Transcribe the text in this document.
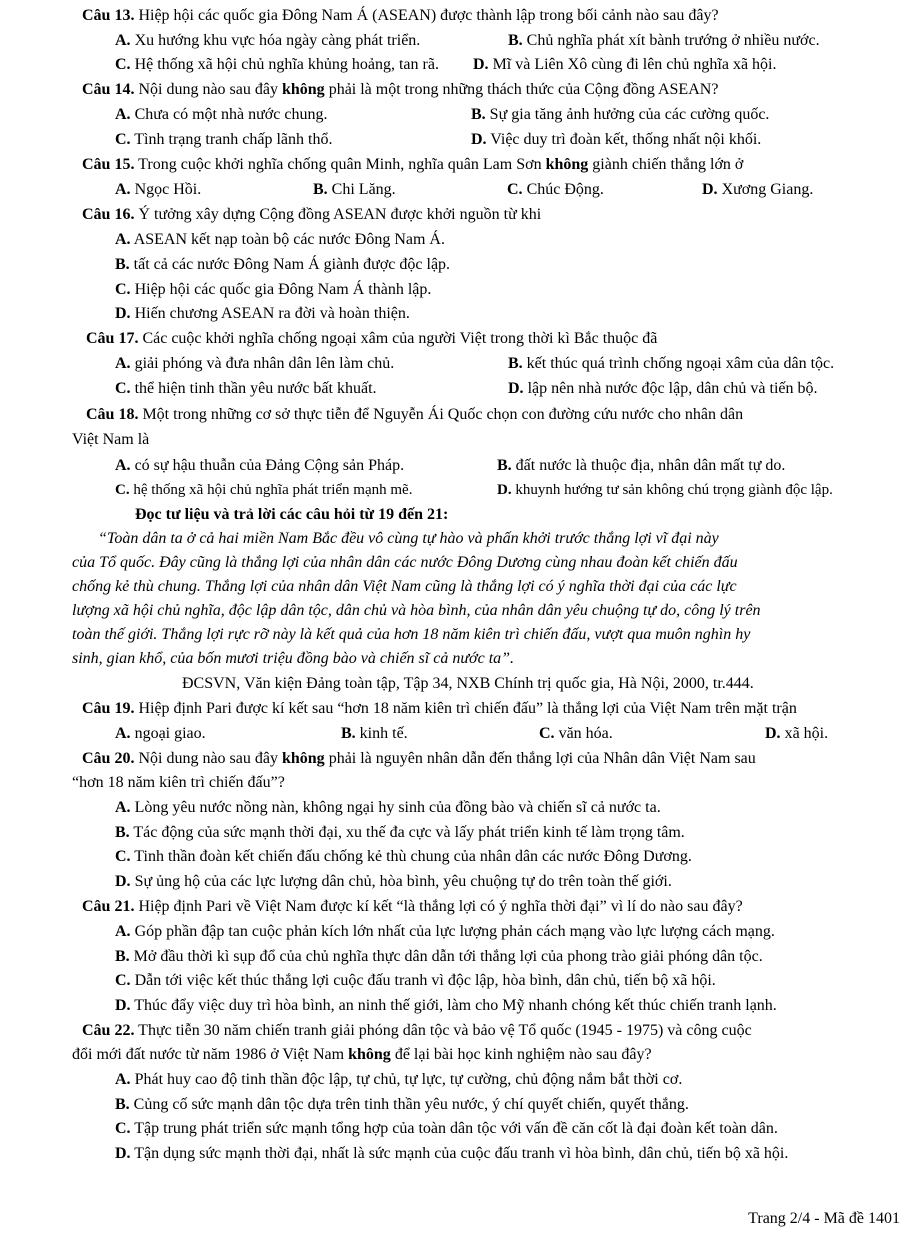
Câu 13. Hiệp hội các quốc gia Đông Nam Á (ASEAN) được thành lập trong bối cảnh nào sau đây?
A. Xu hướng khu vực hóa ngày càng phát triển.	B. Chủ nghĩa phát xít bành trướng ở nhiều nước.
C. Hệ thống xã hội chủ nghĩa khủng hoảng, tan rã. D. Mĩ và Liên Xô cùng đi lên chủ nghĩa xã hội.
Câu 14. Nội dung nào sau đây không phải là một trong những thách thức của Cộng đồng ASEAN?
A. Chưa có một nhà nước chung.	B. Sự gia tăng ảnh hưởng của các cường quốc.
C. Tình trạng tranh chấp lãnh thổ.	D. Việc duy trì đoàn kết, thống nhất nội khối.
Câu 15. Trong cuộc khởi nghĩa chống quân Minh, nghĩa quân Lam Sơn không giành chiến thắng lớn ở
A. Ngọc Hồi.	B. Chi Lăng.	C. Chúc Động.	D. Xương Giang.
Câu 16. Ý tưởng xây dựng Cộng đồng ASEAN được khởi nguồn từ khi
A. ASEAN kết nạp toàn bộ các nước Đông Nam Á.
B. tất cả các nước Đông Nam Á giành được độc lập.
C. Hiệp hội các quốc gia Đông Nam Á thành lập.
D. Hiến chương ASEAN ra đời và hoàn thiện.
Câu 17. Các cuộc khởi nghĩa chống ngoại xâm của người Việt trong thời kì Bắc thuộc đã
A. giải phóng và đưa nhân dân lên làm chủ.	B. kết thúc quá trình chống ngoại xâm của dân tộc.
C. thể hiện tinh thần yêu nước bất khuất.	D. lập nên nhà nước độc lập, dân chủ và tiến bộ.
Câu 18. Một trong những cơ sở thực tiễn để Nguyễn Ái Quốc chọn con đường cứu nước cho nhân dân
Việt Nam là
A. có sự hậu thuẫn của Đảng Cộng sản Pháp.	B. đất nước là thuộc địa, nhân dân mất tự do.
C. hệ thống xã hội chủ nghĩa phát triển mạnh mẽ.	D. khuynh hướng tư sản không chú trọng giành độc lập.
Đọc tư liệu và trả lời các câu hỏi từ 19 đến 21:
“Toàn dân ta ở cả hai miền Nam Bắc đều vô cùng tự hào và phấn khởi trước thắng lợi vĩ đại này
của Tổ quốc. Đây cũng là thắng lợi của nhân dân các nước Đông Dương cùng nhau đoàn kết chiến đấu
chống kẻ thù chung. Thắng lợi của nhân dân Việt Nam cũng là thắng lợi có ý nghĩa thời đại của các lực
lượng xã hội chủ nghĩa, độc lập dân tộc, dân chủ và hòa bình, của nhân dân yêu chuộng tự do, công lý trên
toàn thế giới. Thắng lợi rực rỡ này là kết quả của hơn 18 năm kiên trì chiến đấu, vượt qua muôn nghìn hy
sinh, gian khổ, của bốn mươi triệu đồng bào và chiến sĩ cả nước ta”.
ĐCSVN, Văn kiện Đảng toàn tập, Tập 34, NXB Chính trị quốc gia, Hà Nội, 2000, tr.444.
Câu 19. Hiệp định Pari được kí kết sau “hơn 18 năm kiên trì chiến đấu” là thắng lợi của Việt Nam trên mặt trận
A. ngoại giao.	B. kinh tế.	C. văn hóa.	D. xã hội.
Câu 20. Nội dung nào sau đây không phải là nguyên nhân dẫn đến thắng lợi của Nhân dân Việt Nam sau
“hơn 18 năm kiên trì chiến đấu”?
A. Lòng yêu nước nồng nàn, không ngại hy sinh của đồng bào và chiến sĩ cả nước ta.
B. Tác động của sức mạnh thời đại, xu thế đa cực và lấy phát triển kinh tế làm trọng tâm.
C. Tinh thần đoàn kết chiến đấu chống kẻ thù chung của nhân dân các nước Đông Dương.
D. Sự ủng hộ của các lực lượng dân chủ, hòa bình, yêu chuộng tự do trên toàn thế giới.
Câu 21. Hiệp định Pari về Việt Nam được kí kết “là thắng lợi có ý nghĩa thời đại” vì lí do nào sau đây?
A. Góp phần đập tan cuộc phản kích lớn nhất của lực lượng phản cách mạng vào lực lượng cách mạng.
B. Mở đầu thời kì sụp đổ của chủ nghĩa thực dân dẫn tới thắng lợi của phong trào giải phóng dân tộc.
C. Dẫn tới việc kết thúc thắng lợi cuộc đấu tranh vì độc lập, hòa bình, dân chủ, tiến bộ xã hội.
D. Thúc đẩy việc duy trì hòa bình, an ninh thế giới, làm cho Mỹ nhanh chóng kết thúc chiến tranh lạnh.
Câu 22. Thực tiễn 30 năm chiến tranh giải phóng dân tộc và bảo vệ Tổ quốc (1945 - 1975) và công cuộc
đổi mới đất nước từ năm 1986 ở Việt Nam không để lại bài học kinh nghiệm nào sau đây?
A. Phát huy cao độ tinh thần độc lập, tự chủ, tự lực, tự cường, chủ động nắm bắt thời cơ.
B. Củng cố sức mạnh dân tộc dựa trên tinh thần yêu nước, ý chí quyết chiến, quyết thắng.
C. Tập trung phát triển sức mạnh tổng hợp của toàn dân tộc với vấn đề căn cốt là đại đoàn kết toàn dân.
D. Tận dụng sức mạnh thời đại, nhất là sức mạnh của cuộc đấu tranh vì hòa bình, dân chủ, tiến bộ xã hội.
Trang 2/4 - Mã đề 1401
